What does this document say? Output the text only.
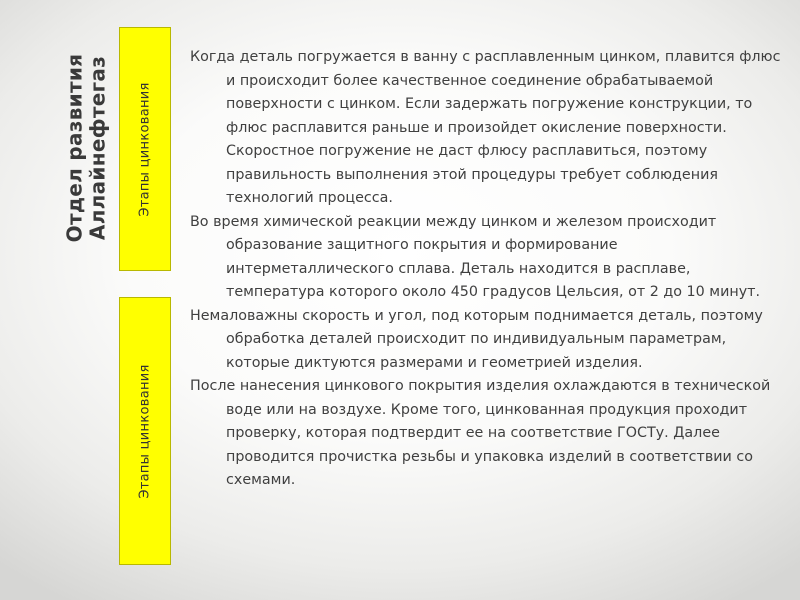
Отдел развития Аллайнефтегаз Этапы цинкования
Этапы цинкования

Когда деталь погружается в ванну с расплавленным цинком, плавится флюс и происходит более качественное соединение обрабатываемой поверхности с цинком. Если задержать погружение конструкции, то флюс расплавится раньше и произойдет окисление поверхности. Скоростное погружение не даст флюсу расплавиться, поэтому правильность выполнения этой процедуры требует соблюдения технологий процесса.

Во время химической реакции между цинком и железом происходит образование защитного покрытия и формирование интерметаллического сплава. Деталь находится в расплаве, температура которого около 450 градусов Цельсия, от 2 до 10 минут.

Немаловажны скорость и угол, под которым поднимается деталь, поэтому обработка деталей происходит по индивидуальным параметрам, которые диктуются размерами и геометрией изделия.

После нанесения цинкового покрытия изделия охлаждаются в технической воде или на воздухе. Кроме того, цинкованная продукция проходит проверку, которая подтвердит ее на соответствие ГОСТу. Далее проводится прочистка резьбы и упаковка изделий в соответствии со схемами.
